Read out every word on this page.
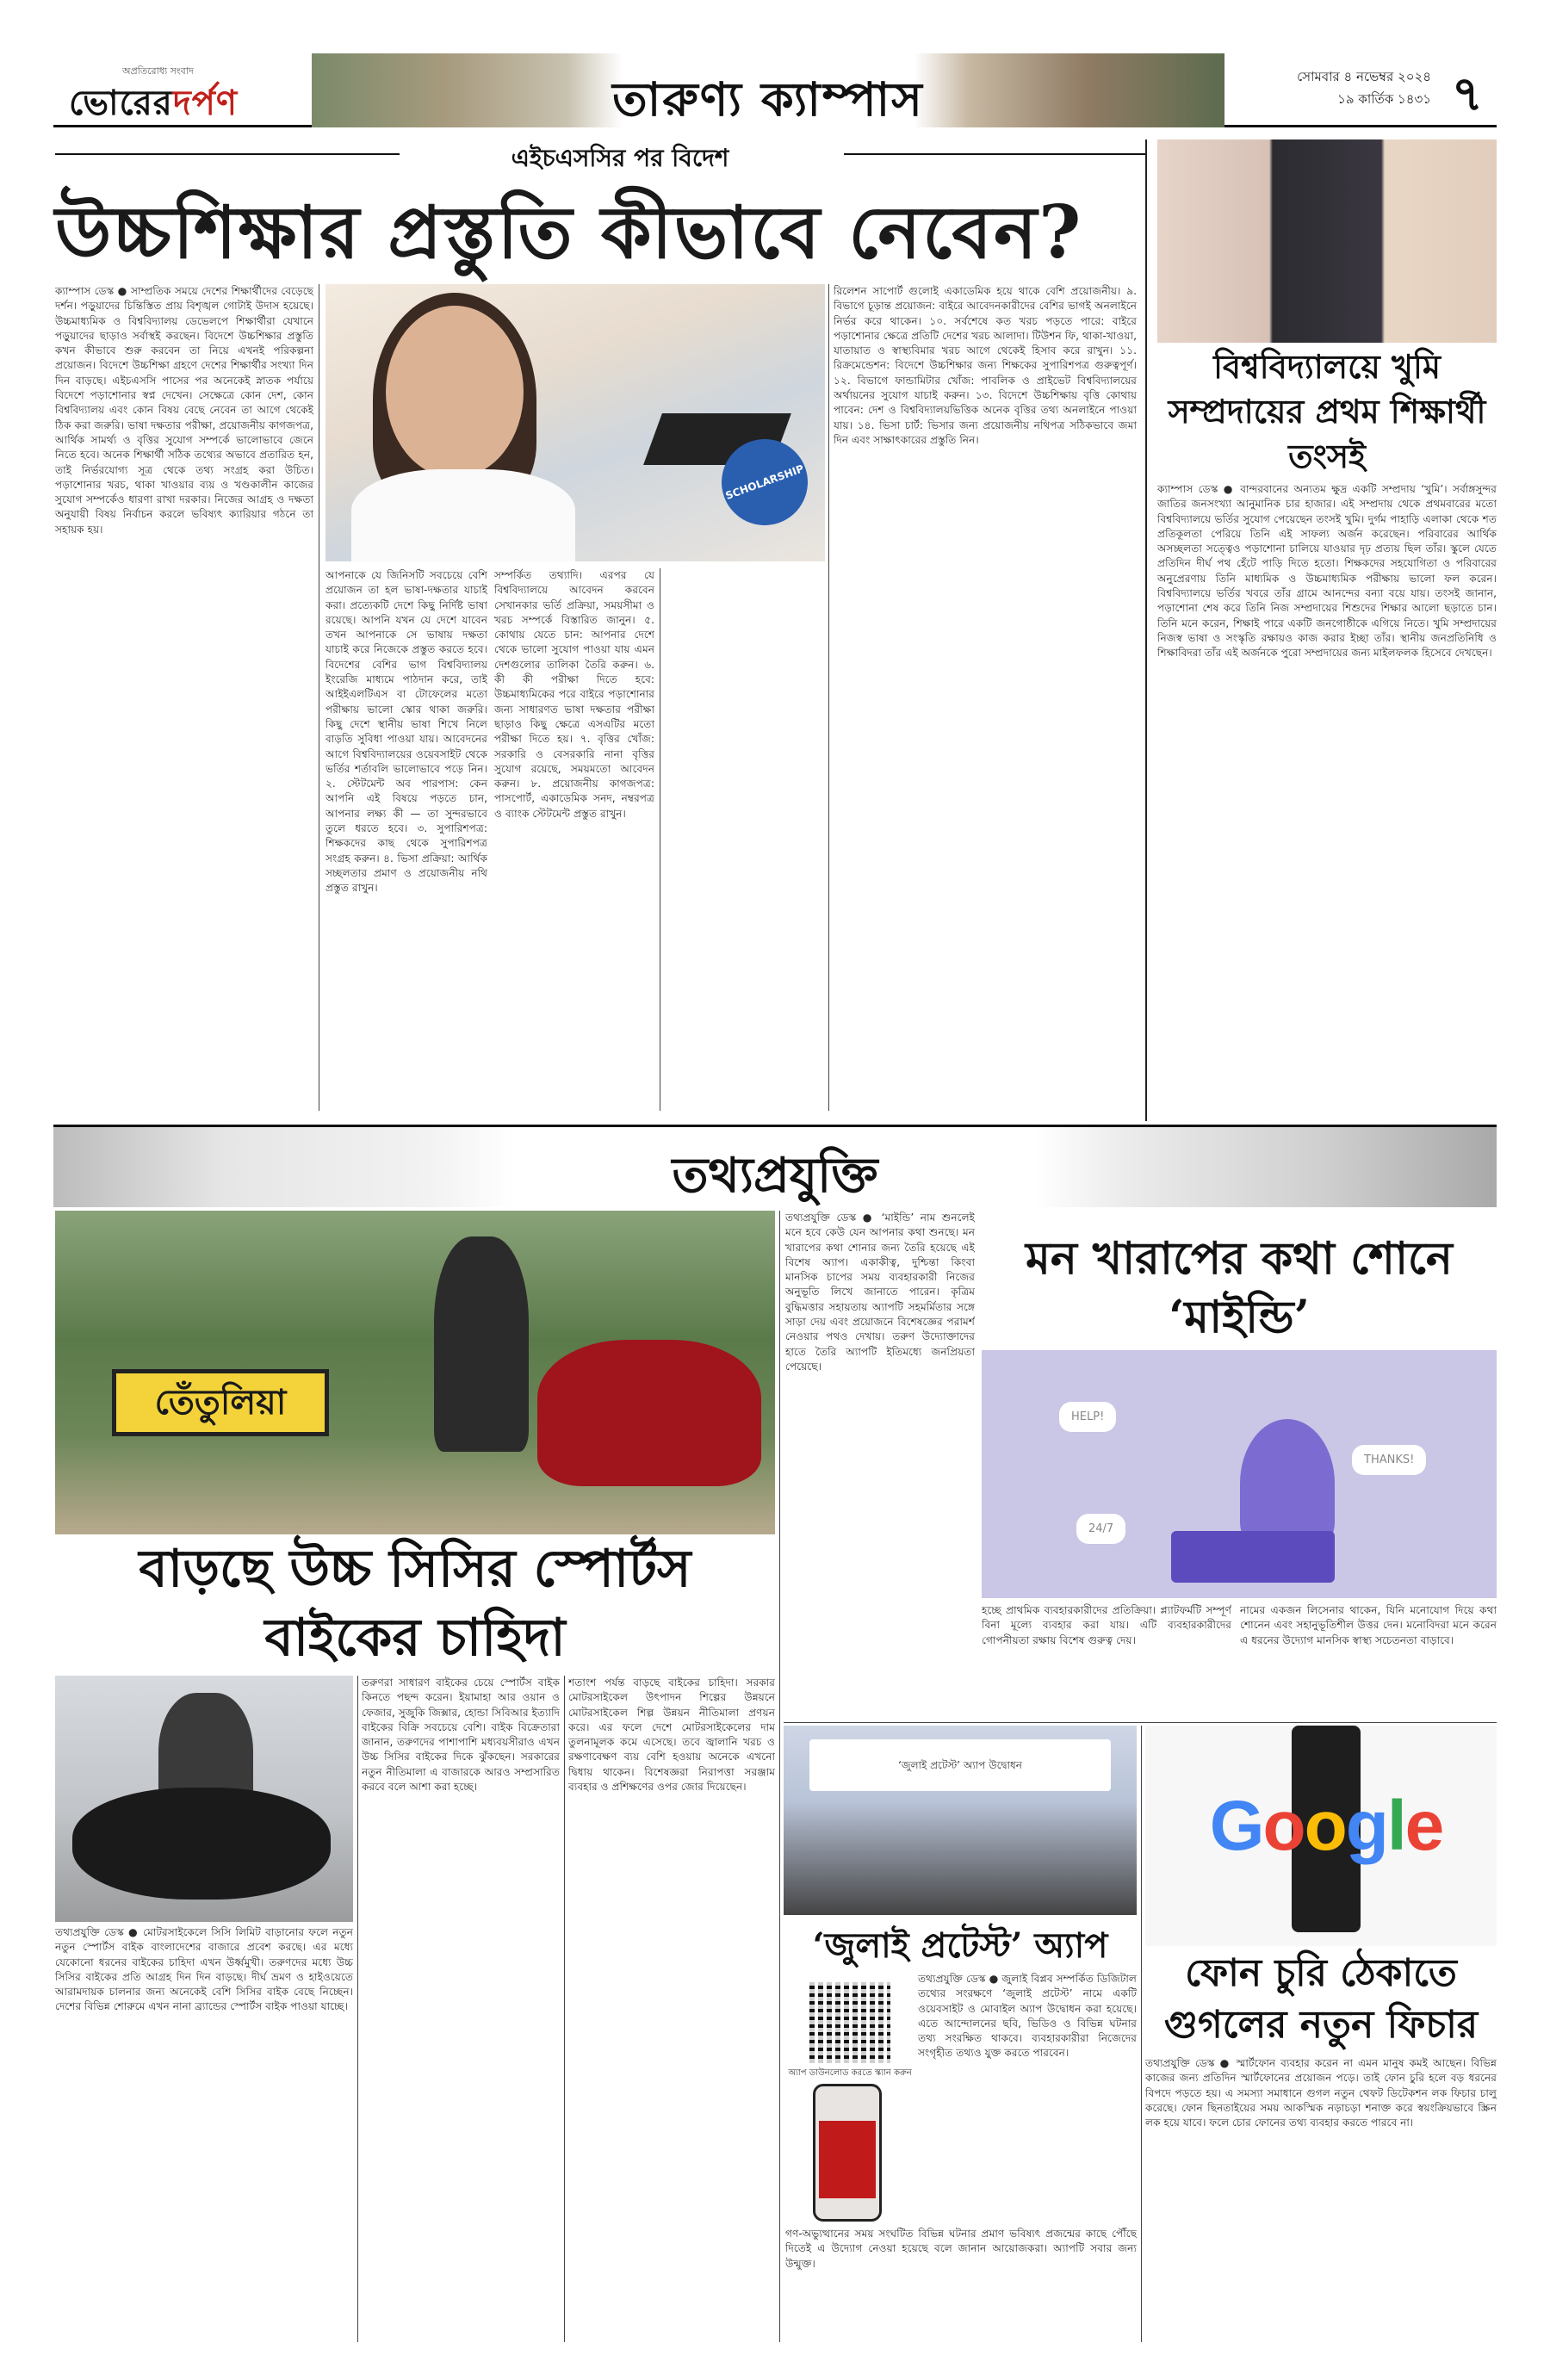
অপ্রতিরোধ্য সংবাদ
ভোরেরদর্পণ	তারুণ্য ক্যাম্পাস	সোমবার ৪ নভেম্বর ২০২৪
১৯ কার্তিক ১৪৩১ ৭
এইচএসসির পর বিদেশ
উচ্চশিক্ষার প্রস্তুতি কীভাবে নেবেন?
ক্যাম্পাস ডেস্ক ● সাম্প্রতিক সময়ে দেশের শিক্ষার্থীদের বেড়েছে দর্শন। পড়ুয়াদের চিন্তিস্তিত প্রায় বিশৃঙ্খল গোটাই উদাস হয়েছে। উচ্চমাধ্যমিক ও বিশ্ববিদ্যালয় ডেভেলপে শিক্ষার্থীরা যেখানে পড়ুয়াদের ছাড়াও সর্বাস্থই করছেন। বিদেশে উচ্চশিক্ষার প্রস্তুতি কখন কীভাবে শুরু করবেন তা নিয়ে এখনই পরিকল্পনা প্রয়োজন। বিদেশে উচ্চশিক্ষা গ্রহণে দেশের শিক্ষার্থীর সংখ্যা দিন দিন বাড়ছে। এইচএসসি পাসের পর অনেকেই স্নাতক পর্যায়ে বিদেশে পড়াশোনার স্বপ্ন দেখেন। সেক্ষেত্রে কোন দেশ, কোন বিশ্ববিদ্যালয় এবং কোন বিষয় বেছে নেবেন তা আগে থেকেই ঠিক করা জরুরি। ভাষা দক্ষতার পরীক্ষা, প্রয়োজনীয় কাগজপত্র, আর্থিক সামর্থ্য ও বৃত্তির সুযোগ সম্পর্কে ভালোভাবে জেনে নিতে হবে। অনেক শিক্ষার্থী সঠিক তথ্যের অভাবে প্রতারিত হন, তাই নির্ভরযোগ্য সূত্র থেকে তথ্য সংগ্রহ করা উচিত। পড়াশোনার খরচ, থাকা খাওয়ার ব্যয় ও খণ্ডকালীন কাজের সুযোগ সম্পর্কেও ধারণা রাখা দরকার। নিজের আগ্রহ ও দক্ষতা অনুযায়ী বিষয় নির্বাচন করলে ভবিষ্যৎ ক্যারিয়ার গঠনে তা সহায়ক হয়।
SCHOLARSHIP
আপনাকে যে জিনিসটি সবচেয়ে বেশি প্রয়োজন তা হল ভাষা-দক্ষতার যাচাই করা। প্রত্যেকটি দেশে কিছু নির্দিষ্ট ভাষা রয়েছে। আপনি যখন যে দেশে যাবেন তখন আপনাকে সে ভাষায় দক্ষতা যাচাই করে নিজেকে প্রস্তুত করতে হবে। বিদেশের বেশির ভাগ বিশ্ববিদ্যালয় ইংরেজি মাধ্যমে পাঠদান করে, তাই আইইএলটিএস বা টোফেলের মতো পরীক্ষায় ভালো স্কোর থাকা জরুরি। কিছু দেশে স্থানীয় ভাষা শিখে নিলে বাড়তি সুবিধা পাওয়া যায়। আবেদনের আগে বিশ্ববিদ্যালয়ের ওয়েবসাইট থেকে ভর্তির শর্তাবলি ভালোভাবে পড়ে নিন। ২. স্টেটমেন্ট অব পারপাস: কেন আপনি এই বিষয়ে পড়তে চান, আপনার লক্ষ্য কী — তা সুন্দরভাবে তুলে ধরতে হবে। ৩. সুপারিশপত্র: শিক্ষকদের কাছ থেকে সুপারিশপত্র সংগ্রহ করুন। ৪. ভিসা প্রক্রিয়া: আর্থিক সচ্ছলতার প্রমাণ ও প্রয়োজনীয় নথি প্রস্তুত রাখুন।
সম্পর্কিত তথ্যাদি। এরপর যে বিশ্ববিদ্যালয়ে আবেদন করবেন সেখানকার ভর্তি প্রক্রিয়া, সময়সীমা ও খরচ সম্পর্কে বিস্তারিত জানুন। ৫. কোথায় যেতে চান: আপনার দেশে থেকে ভালো সুযোগ পাওয়া যায় এমন দেশগুলোর তালিকা তৈরি করুন। ৬. কী কী পরীক্ষা দিতে হবে: উচ্চমাধ্যমিকের পরে বাইরে পড়াশোনার জন্য সাধারণত ভাষা দক্ষতার পরীক্ষা ছাড়াও কিছু ক্ষেত্রে এসএটির মতো পরীক্ষা দিতে হয়। ৭. বৃত্তির খোঁজ: সরকারি ও বেসরকারি নানা বৃত্তির সুযোগ রয়েছে, সময়মতো আবেদন করুন। ৮. প্রয়োজনীয় কাগজপত্র: পাসপোর্ট, একাডেমিক সনদ, নম্বরপত্র ও ব্যাংক স্টেটমেন্ট প্রস্তুত রাখুন।
রিলেশন সাপোর্ট গুলোই একাডেমিক হয়ে থাকে বেশি প্রয়োজনীয়। ৯. বিভাগে চূড়ান্ত প্রয়োজন: বাইরে আবেদনকারীদের বেশির ভাগই অনলাইনে নির্ভর করে থাকেন। ১০. সর্বশেষে কত খরচ পড়তে পারে: বাইরে পড়াশোনার ক্ষেত্রে প্রতিটি দেশের খরচ আলাদা। টিউশন ফি, থাকা-খাওয়া, যাতায়াত ও স্বাস্থ্যবিমার খরচ আগে থেকেই হিসাব করে রাখুন। ১১. রিক্রমেন্ডেশন: বিদেশে উচ্চশিক্ষার জন্য শিক্ষকের সুপারিশপত্র গুরুত্বপূর্ণ। ১২. বিভাগে ফান্ডামিটার খোঁজ: পাবলিক ও প্রাইভেট বিশ্ববিদ্যালয়ের অর্থায়নের সুযোগ যাচাই করুন। ১৩. বিদেশে উচ্চশিক্ষায় বৃত্তি কোথায় পাবেন: দেশ ও বিশ্ববিদ্যালয়ভিত্তিক অনেক বৃত্তির তথ্য অনলাইনে পাওয়া যায়। ১৪. ভিসা চার্ট: ভিসার জন্য প্রয়োজনীয় নথিপত্র সঠিকভাবে জমা দিন এবং সাক্ষাৎকারের প্রস্তুতি নিন।
বিশ্ববিদ্যালয়ে খুমি সম্প্রদায়ের প্রথম শিক্ষার্থী তংসই
ক্যাম্পাস ডেস্ক ● বান্দরবানের অন্যতম ক্ষুদ্র একটি সম্প্রদায় ‘খুমি’। সর্বাঙ্গসুন্দর জাতির জনসংখ্যা আনুমানিক চার হাজার। এই সম্প্রদায় থেকে প্রথমবারের মতো বিশ্ববিদ্যালয়ে ভর্তির সুযোগ পেয়েছেন তংসই খুমি। দুর্গম পাহাড়ি এলাকা থেকে শত প্রতিকূলতা পেরিয়ে তিনি এই সাফল্য অর্জন করেছেন। পরিবারের আর্থিক অসচ্ছলতা সত্ত্বেও পড়াশোনা চালিয়ে যাওয়ার দৃঢ় প্রত্যয় ছিল তাঁর। স্কুলে যেতে প্রতিদিন দীর্ঘ পথ হেঁটে পাড়ি দিতে হতো। শিক্ষকদের সহযোগিতা ও পরিবারের অনুপ্রেরণায় তিনি মাধ্যমিক ও উচ্চমাধ্যমিক পরীক্ষায় ভালো ফল করেন। বিশ্ববিদ্যালয়ে ভর্তির খবরে তাঁর গ্রামে আনন্দের বন্যা বয়ে যায়। তংসই জানান, পড়াশোনা শেষ করে তিনি নিজ সম্প্রদায়ের শিশুদের শিক্ষার আলো ছড়াতে চান। তিনি মনে করেন, শিক্ষাই পারে একটি জনগোষ্ঠীকে এগিয়ে নিতে। খুমি সম্প্রদায়ের নিজস্ব ভাষা ও সংস্কৃতি রক্ষায়ও কাজ করার ইচ্ছা তাঁর। স্থানীয় জনপ্রতিনিধি ও শিক্ষাবিদরা তাঁর এই অর্জনকে পুরো সম্প্রদায়ের জন্য মাইলফলক হিসেবে দেখছেন।
তথ্যপ্রযুক্তি
তেঁতুলিয়া
বাড়ছে উচ্চ সিসির স্পোর্টস বাইকের চাহিদা
তথ্যপ্রযুক্তি ডেস্ক ● মোটরসাইকেলে সিসি লিমিট বাড়ানোর ফলে নতুন নতুন স্পোর্টস বাইক বাংলাদেশের বাজারে প্রবেশ করছে। এর মধ্যে যেকোনো ধরনের বাইকের চাহিদা এখন উর্ধ্বমুখী। তরুণদের মধ্যে উচ্চ সিসির বাইকের প্রতি আগ্রহ দিন দিন বাড়ছে। দীর্ঘ ভ্রমণ ও হাইওয়েতে আরামদায়ক চালনার জন্য অনেকেই বেশি সিসির বাইক বেছে নিচ্ছেন। দেশের বিভিন্ন শোরুমে এখন নানা ব্র্যান্ডের স্পোর্টস বাইক পাওয়া যাচ্ছে।
তরুণরা সাধারণ বাইকের চেয়ে স্পোর্টস বাইক কিনতে পছন্দ করেন। ইয়ামাহা আর ওয়ান ও ফেজার, সুজুকি জিক্সার, হোন্ডা সিবিআর ইত্যাদি বাইকের বিক্রি সবচেয়ে বেশি। বাইক বিক্রেতারা জানান, তরুণদের পাশাপাশি মধ্যবয়সীরাও এখন উচ্চ সিসির বাইকের দিকে ঝুঁকছেন। সরকারের নতুন নীতিমালা এ বাজারকে আরও সম্প্রসারিত করবে বলে আশা করা হচ্ছে।
শতাংশ পর্যন্ত বাড়ছে বাইকের চাহিদা। সরকার মোটরসাইকেল উৎপাদন শিল্পের উন্নয়নে মোটরসাইকেল শিল্প উন্নয়ন নীতিমালা প্রণয়ন করে। এর ফলে দেশে মোটরসাইকেলের দাম তুলনামূলক কমে এসেছে। তবে জ্বালানি খরচ ও রক্ষণাবেক্ষণ ব্যয় বেশি হওয়ায় অনেকে এখনো দ্বিধায় থাকেন। বিশেষজ্ঞরা নিরাপত্তা সরঞ্জাম ব্যবহার ও প্রশিক্ষণের ওপর জোর দিয়েছেন।
তথ্যপ্রযুক্তি ডেস্ক ● ‘মাইন্ডি’ নাম শুনলেই মনে হবে কেউ যেন আপনার কথা শুনছে। মন খারাপের কথা শোনার জন্য তৈরি হয়েছে এই বিশেষ অ্যাপ। একাকীত্ব, দুশ্চিন্তা কিংবা মানসিক চাপের সময় ব্যবহারকারী নিজের অনুভূতি লিখে জানাতে পারেন। কৃত্রিম বুদ্ধিমত্তার সহায়তায় অ্যাপটি সহমর্মিতার সঙ্গে সাড়া দেয় এবং প্রয়োজনে বিশেষজ্ঞের পরামর্শ নেওয়ার পথও দেখায়। তরুণ উদ্যোক্তাদের হাতে তৈরি অ্যাপটি ইতিমধ্যে জনপ্রিয়তা পেয়েছে।
মন খারাপের কথা শোনে ‘মাইন্ডি’
HELP!
THANKS!
24/7
হচ্ছে প্রাথমিক ব্যবহারকারীদের প্রতিক্রিয়া। প্ল্যাটফর্মটি সম্পূর্ণ বিনা মূল্যে ব্যবহার করা যায়। এটি ব্যবহারকারীদের গোপনীয়তা রক্ষায় বিশেষ গুরুত্ব দেয়।
নামের একজন লিসেনার থাকেন, যিনি মনোযোগ দিয়ে কথা শোনেন এবং সহানুভূতিশীল উত্তর দেন। মনোবিদরা মনে করেন এ ধরনের উদ্যোগ মানসিক স্বাস্থ্য সচেতনতা বাড়াবে।
‘জুলাই প্রটেস্ট’ অ্যাপ উদ্বোধন
‘জুলাই প্রটেস্ট’ অ্যাপ
অ্যাপ ডাউনলোড করতে স্ক্যান করুন
তথ্যপ্রযুক্তি ডেস্ক ● জুলাই বিপ্লব সম্পর্কিত ডিজিটাল তথ্যের সংরক্ষণে ‘জুলাই প্রটেস্ট’ নামে একটি ওয়েবসাইট ও মোবাইল অ্যাপ উদ্বোধন করা হয়েছে। এতে আন্দোলনের ছবি, ভিডিও ও বিভিন্ন ঘটনার তথ্য সংরক্ষিত থাকবে। ব্যবহারকারীরা নিজেদের সংগৃহীত তথ্যও যুক্ত করতে পারবেন।
গণ-অভ্যুত্থানের সময় সংঘটিত বিভিন্ন ঘটনার প্রমাণ ভবিষ্যৎ প্রজন্মের কাছে পৌঁছে দিতেই এ উদ্যোগ নেওয়া হয়েছে বলে জানান আয়োজকরা। অ্যাপটি সবার জন্য উন্মুক্ত।
Google
ফোন চুরি ঠেকাতে গুগলের নতুন ফিচার
তথ্যপ্রযুক্তি ডেস্ক ● স্মার্টফোন ব্যবহার করেন না এমন মানুষ কমই আছেন। বিভিন্ন কাজের জন্য প্রতিদিন স্মার্টফোনের প্রয়োজন পড়ে। তাই ফোন চুরি হলে বড় ধরনের বিপদে পড়তে হয়। এ সমস্যা সমাধানে গুগল নতুন থেফট ডিটেকশন লক ফিচার চালু করেছে। ফোন ছিনতাইয়ের সময় আকস্মিক নড়াচড়া শনাক্ত করে স্বয়ংক্রিয়ভাবে স্ক্রিন লক হয়ে যাবে। ফলে চোর ফোনের তথ্য ব্যবহার করতে পারবে না।
